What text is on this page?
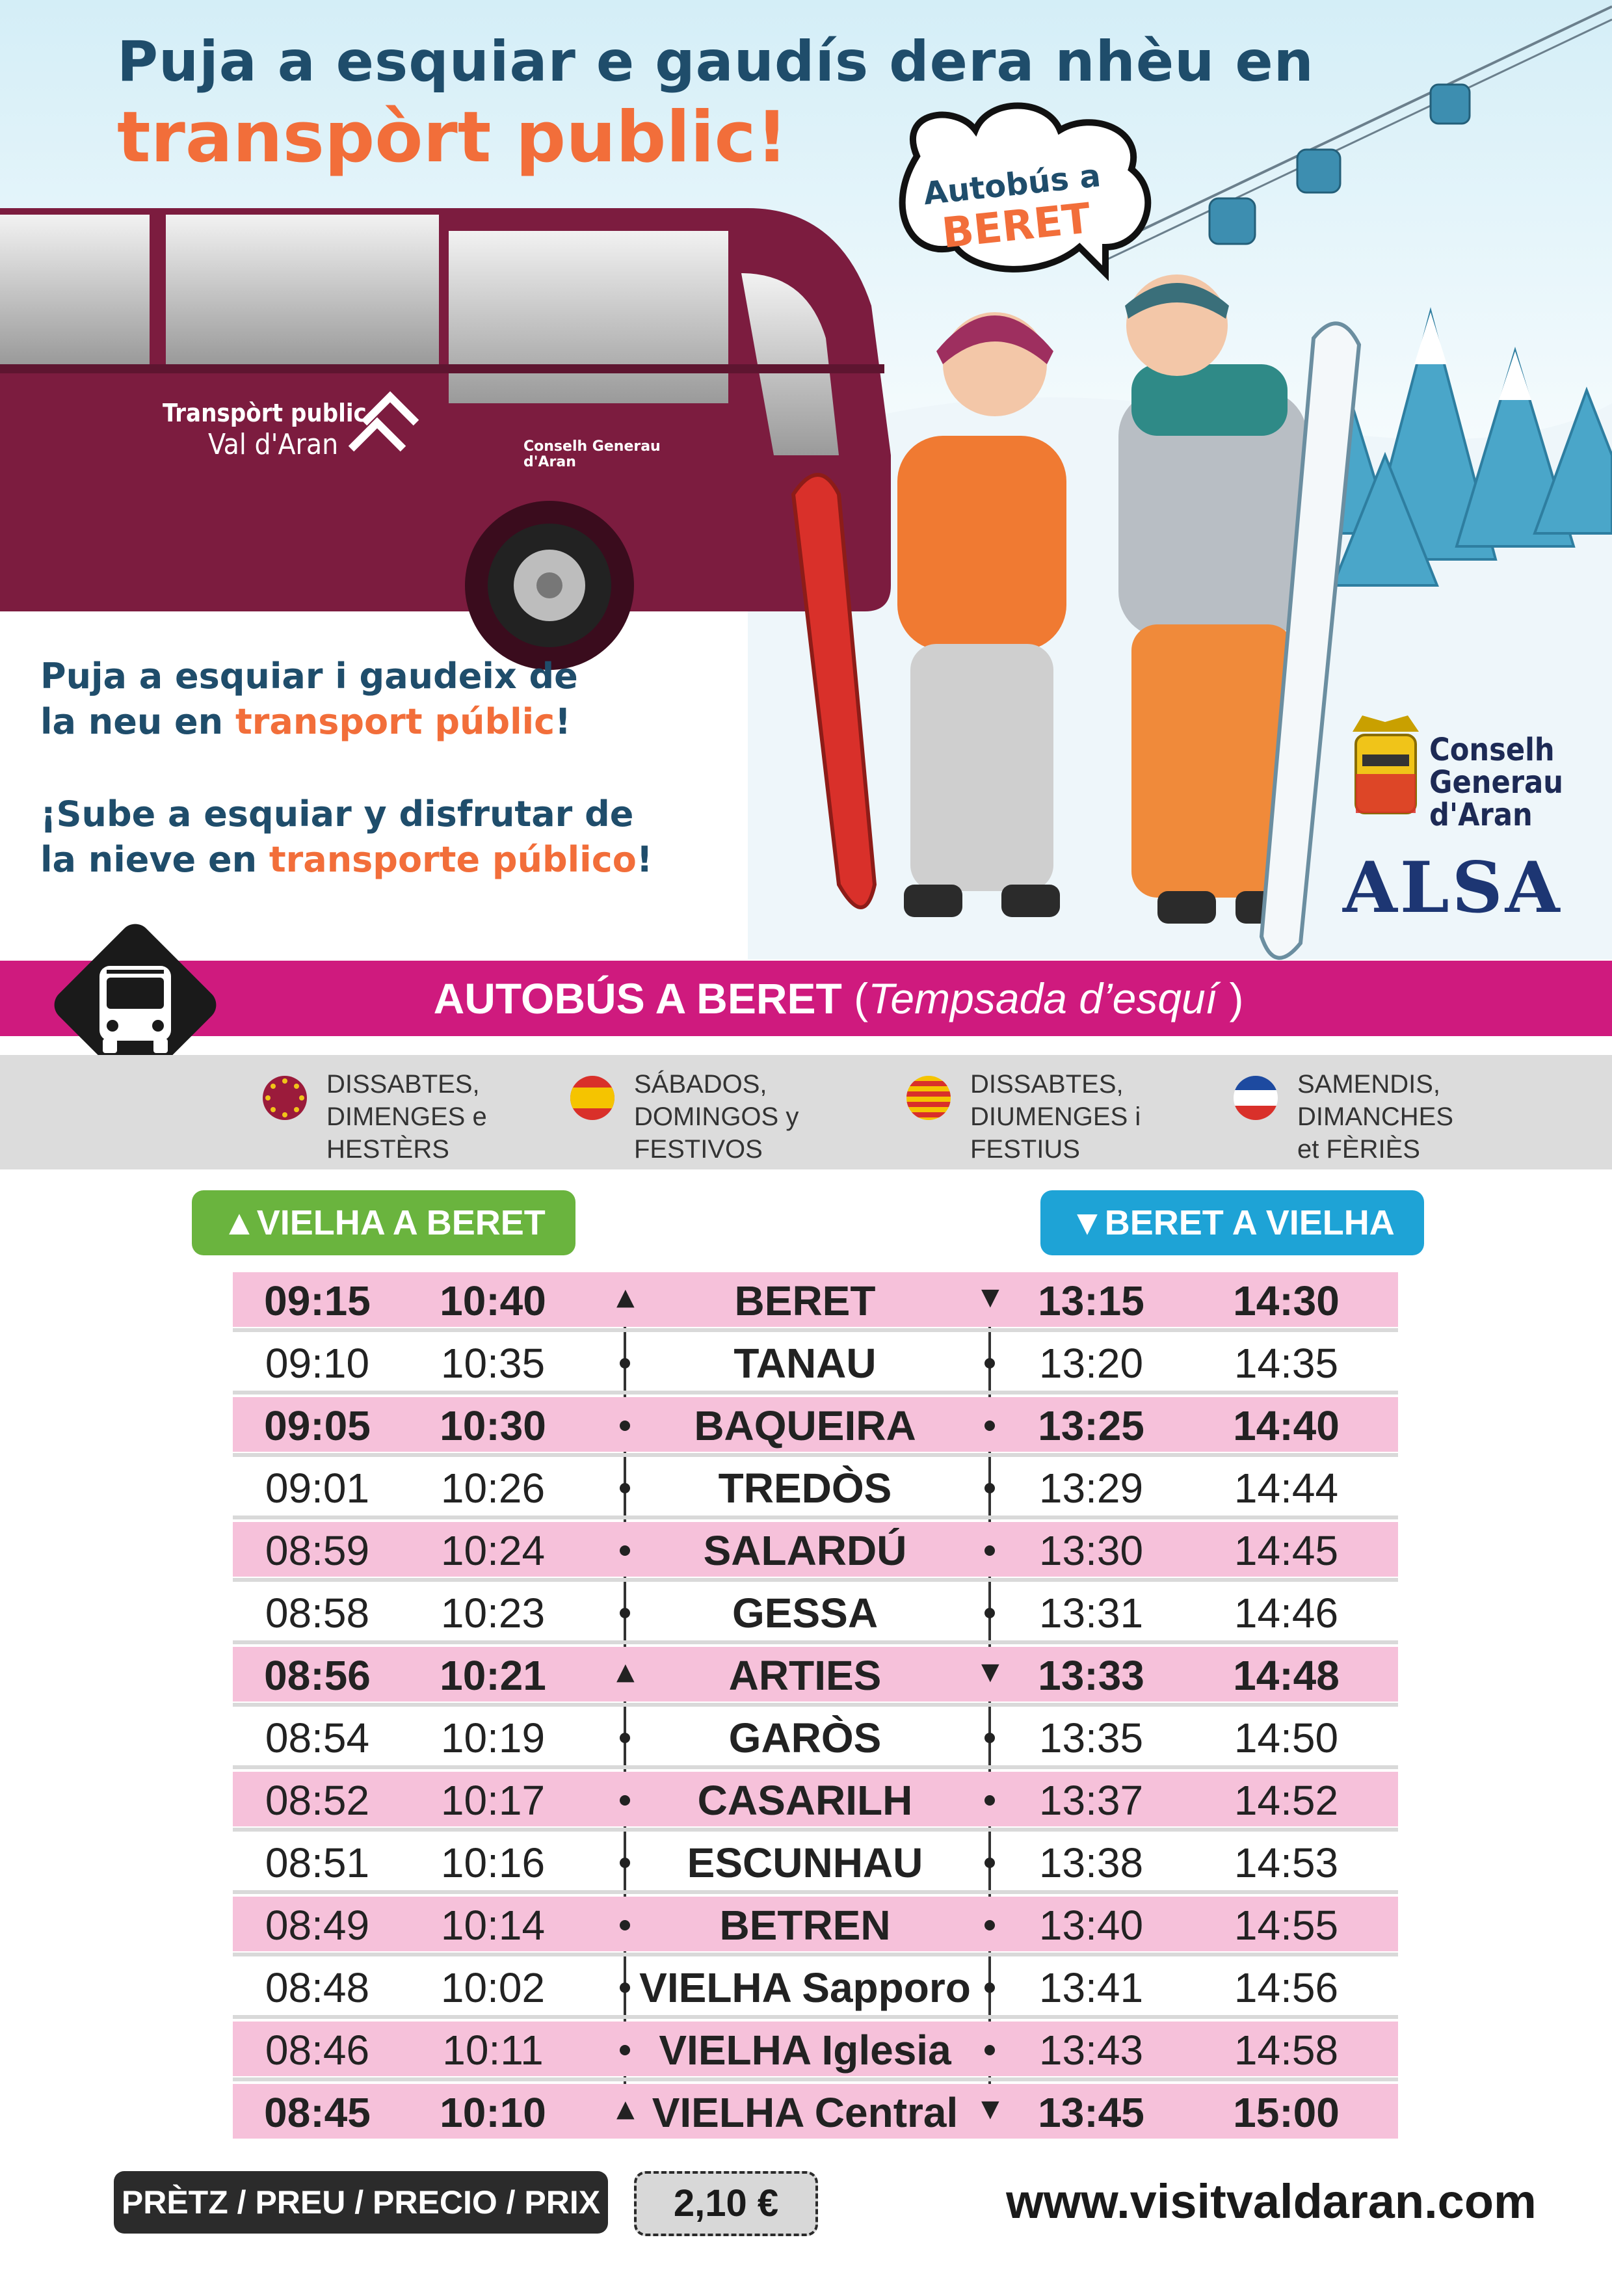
Puja a esquiar e gaudís dera nhèu en
transpòrt public!
Autobús a
BERET
Transpòrt public
Val d'Aran	Conselh Generau
d'Aran

Puja a esquiar i gaudeix de
la neu en transport públic!

¡Sube a esquiar y disfrutar de
la nieve en transporte público!

Conselh
Generau
d'Aran
ALSA
AUTOBÚS A BERET (Tempsada d’esquí )
DISSABTES,
DIMENGES e
HESTÈRS
SÁBADOS,
DOMINGOS y
FESTIVOS
DISSABTES,
DIUMENGES i
FESTIUS
SAMENDIS,
DIMANCHES
et FÈRIÈS
▲VIELHA A BERET	▼BERET A VIELHA
09:15	10:40	BERET	13:15	14:30
09:10	10:35	TANAU	13:20	14:35
09:05	10:30	BAQUEIRA	13:25	14:40
09:01	10:26	TREDÒS	13:29	14:44
08:59	10:24	SALARDÚ	13:30	14:45
08:58	10:23	GESSA	13:31	14:46
08:56	10:21	ARTIES	13:33	14:48
08:54	10:19	GARÒS	13:35	14:50
08:52	10:17	CASARILH	13:37	14:52
08:51	10:16	ESCUNHAU	13:38	14:53
08:49	10:14	BETREN	13:40	14:55
08:48	10:02	VIELHA Sapporo	13:41	14:56
08:46	10:11	VIELHA Iglesia	13:43	14:58
08:45	10:10	VIELHA Central	13:45	15:00
▲	▼
▲	▼
▲	▼
PRÈTZ / PREU / PRECIO / PRIX :
2,10 €	www.visitvaldaran.com
